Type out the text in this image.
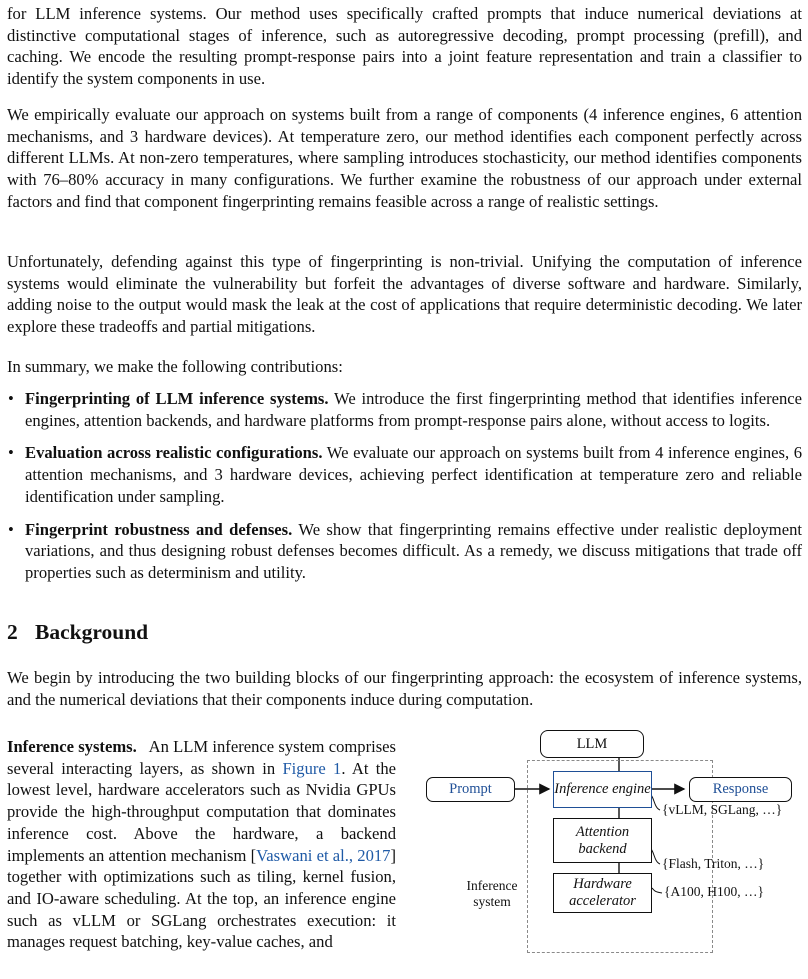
for LLM inference systems. Our method uses specifically crafted prompts that induce numerical deviations at distinctive computational stages of inference, such as autoregressive decoding, prompt processing (prefill), and caching. We encode the resulting prompt-response pairs into a joint feature representation and train a classifier to identify the system components in use.

We empirically evaluate our approach on systems built from a range of components (4 inference engines, 6 attention mechanisms, and 3 hardware devices). At temperature zero, our method identifies each component perfectly across different LLMs. At non-zero temperatures, where sampling introduces stochasticity, our method identifies components with 76–80% accuracy in many configurations. We further examine the robustness of our approach under external factors and find that component fingerprinting remains feasible across a range of realistic settings.

Unfortunately, defending against this type of fingerprinting is non-trivial. Unifying the computation of inference systems would eliminate the vulnerability but forfeit the advantages of diverse software and hardware. Similarly, adding noise to the output would mask the leak at the cost of applications that require deterministic decoding. We later explore these tradeoffs and partial mitigations.

In summary, we make the following contributions:

• Fingerprinting of LLM inference systems. We introduce the first fingerprinting method that identifies inference engines, attention backends, and hardware platforms from prompt-response pairs alone, without access to logits.
• Evaluation across realistic configurations. We evaluate our approach on systems built from 4 inference engines, 6 attention mechanisms, and 3 hardware devices, achieving perfect identification at temperature zero and reliable identification under sampling.
• Fingerprint robustness and defenses. We show that fingerprinting remains effective under realistic deployment variations, and thus designing robust defenses becomes difficult. As a remedy, we discuss mitigations that trade off properties such as determinism and utility.
2 Background

We begin by introducing the two building blocks of our fingerprinting approach: the ecosystem of inference systems, and the numerical deviations that their components induce during computation.

Inference systems. An LLM inference system comprises several interacting layers, as shown in Figure 1. At the lowest level, hardware accelerators such as Nvidia GPUs provide the high-throughput computation that dominates inference cost. Above the hardware, a backend implements an attention mechanism [Vaswani et al., 2017] together with optimizations such as tiling, kernel fusion, and IO-aware scheduling. At the top, an inference engine such as vLLM or SGLang orchestrates execution: it manages request batching, key-value caches, and

LLM
Prompt	Response
Inference engine
Attention backend
Hardware accelerator
Inference system
{vLLM, SGLang, …}
{Flash, Triton, …}
{A100, H100, …}
